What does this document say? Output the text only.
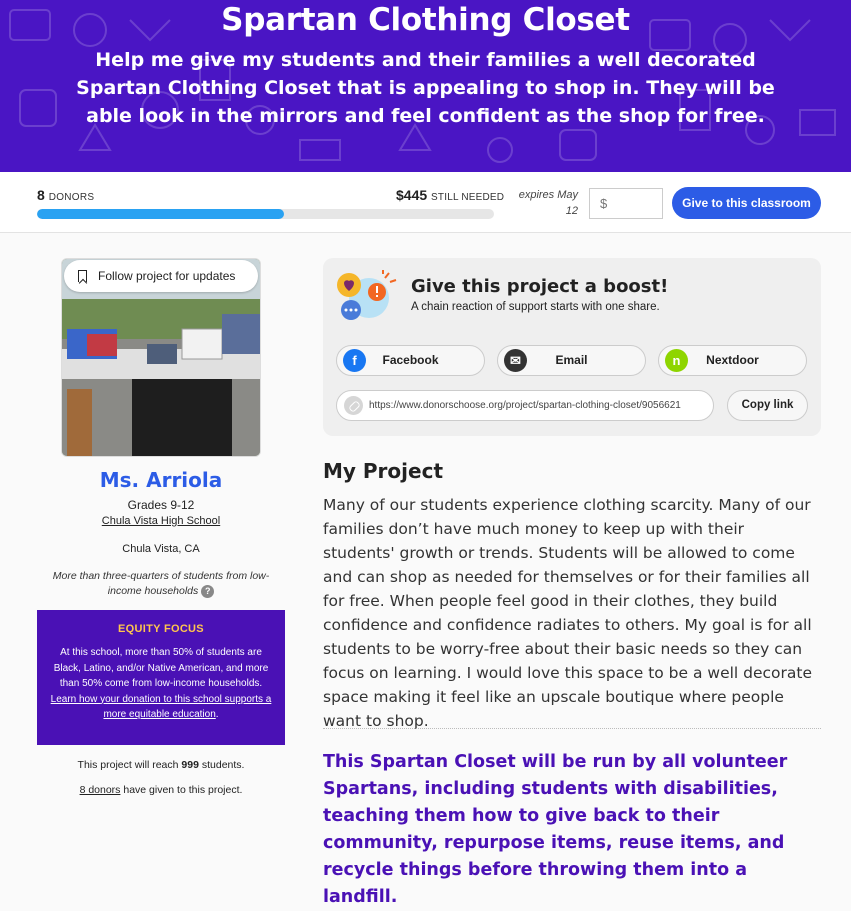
Spartan Clothing Closet
Help me give my students and their families a well decorated Spartan Clothing Closet that is appealing to shop in. They will be able look in the mirrors and feel confident as the shop for free.
8 DONORS	$445 STILL NEEDED	expires May 12
$
Give to this classroom
Follow project for updates
Ms. Arriola
Grades 9-12
Chula Vista High School
Chula Vista, CA
More than three-quarters of students from low-income households ?
EQUITY FOCUS
At this school, more than 50% of students are Black, Latino, and/or Native American, and more than 50% come from low-income households. Learn how your donation to this school supports a more equitable education.
This project will reach 999 students.
8 donors have given to this project.
Give this project a boost!
A chain reaction of support starts with one share.
f	Facebook	✉	Email	n	Nextdoor
https://www.donorschoose.org/project/spartan-clothing-closet/9056621	Copy link
My Project
Many of our students experience clothing scarcity. Many of our families don’t have much money to keep up with their students' growth or trends. Students will be allowed to come and can shop as needed for themselves or for their families all for free. When people feel good in their clothes, they build confidence and confidence radiates to others. My goal is for all students to be worry-free about their basic needs so they can focus on learning. I would love this space to be a well decorate space making it feel like an upscale boutique where people want to shop.
This Spartan Closet will be run by all volunteer Spartans, including students with disabilities, teaching them how to give back to their community, repurpose items, reuse items, and recycle things before throwing them into a landfill.
